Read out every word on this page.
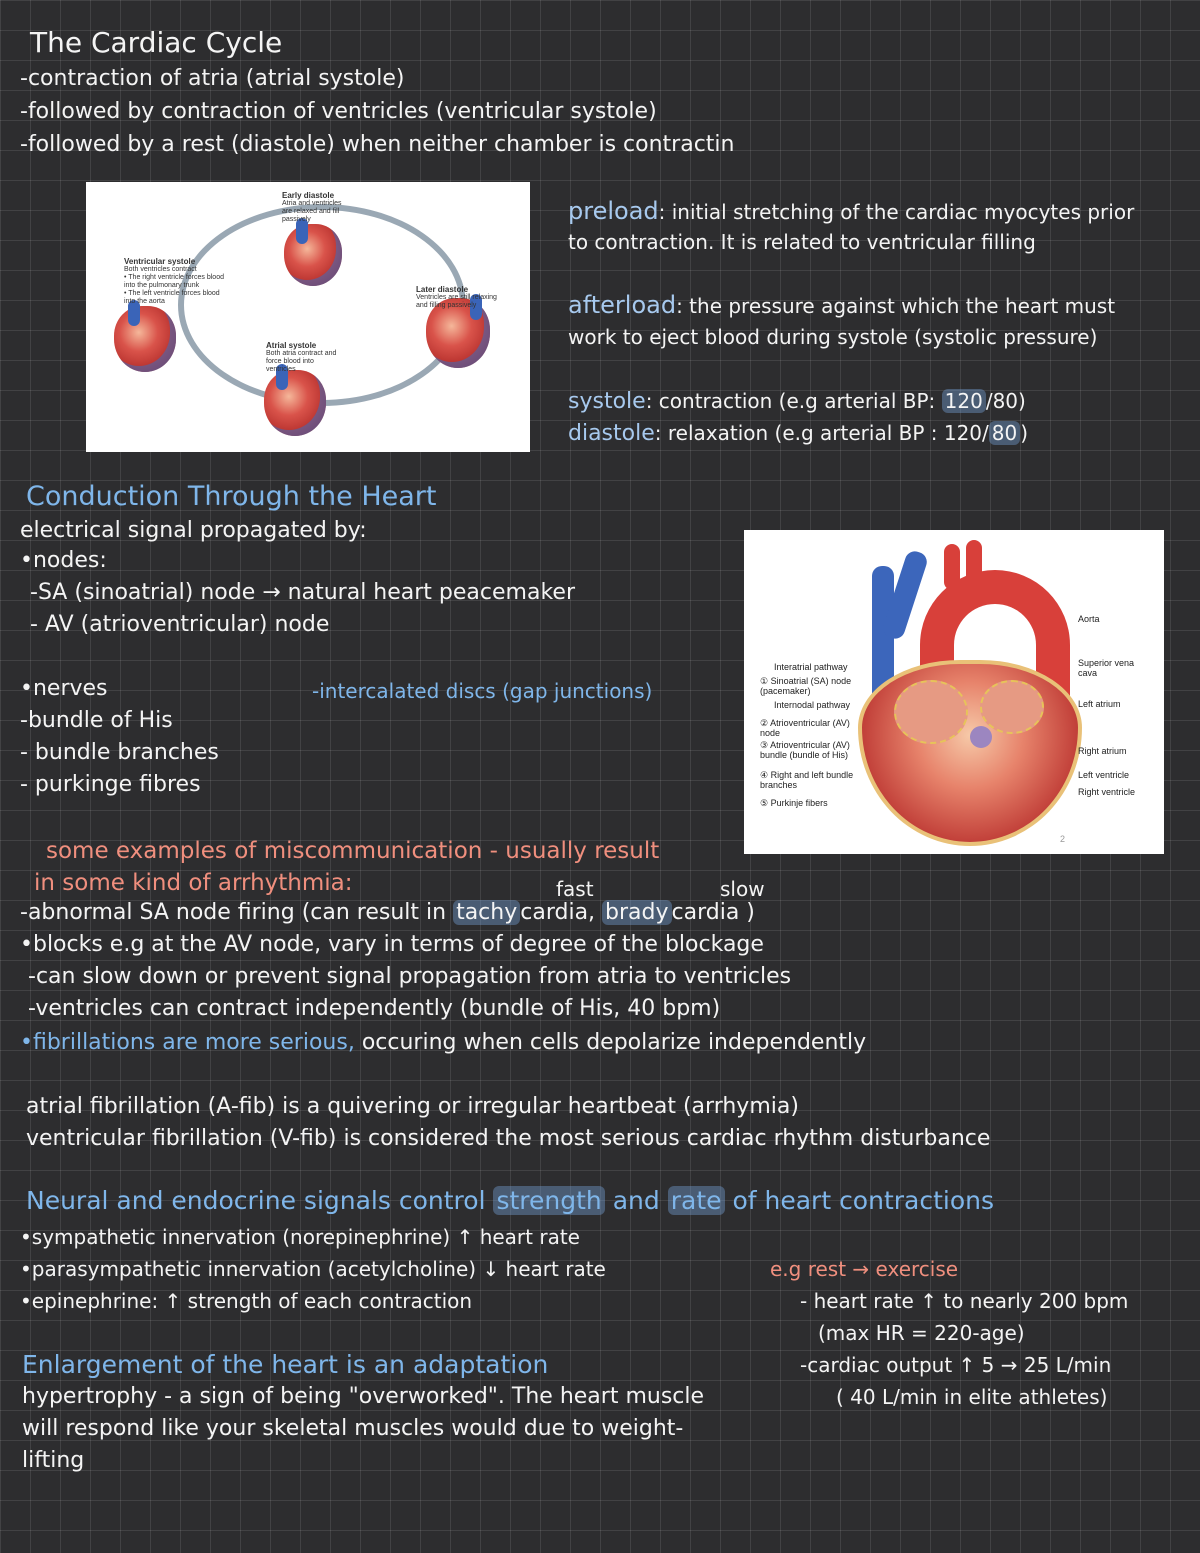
The Cardiac Cycle
-contraction of atria (atrial systole)
-followed by contraction of ventricles (ventricular systole)
-followed by a rest (diastole) when neither chamber is contractin
Early diastole
Atria and ventricles are relaxed and fill passively
Ventricular systole
Both ventricles contract
• The right ventricle forces blood into the pulmonary trunk
• The left ventricle forces blood into the aorta
Later diastole
Ventricles are still relaxing and filling passively
Atrial systole
Both atria contract and force blood into ventricles
preload: initial stretching of the cardiac myocytes prior
to contraction. It is related to ventricular filling
afterload: the pressure against which the heart must
work to eject blood during systole (systolic pressure)
systole: contraction (e.g arterial BP: 120 /80)
diastole: relaxation (e.g arterial BP : 120/ 80 )
Conduction Through the Heart
electrical signal propagated by:
•nodes:
-SA (sinoatrial) node → natural heart peacemaker
- AV (atrioventricular) node
•nerves
-bundle of His
- bundle branches
- purkinge fibres
-intercalated discs (gap junctions)
Interatrial pathway
① Sinoatrial (SA) node (pacemaker)
Internodal pathway
② Atrioventricular (AV) node
③ Atrioventricular (AV) bundle (bundle of His)
④ Right and left bundle branches
⑤ Purkinje fibers
Aorta
Superior vena cava
Left atrium
Right atrium
Left ventricle
Right ventricle
2
some examples of miscommunication - usually result
in some kind of arrhythmia:	fast	slow
-abnormal SA node firing (can result in tachy cardia, brady cardia )
•blocks e.g at the AV node, vary in terms of degree of the blockage
-can slow down or prevent signal propagation from atria to ventricles
-ventricles can contract independently (bundle of His, 40 bpm)
•fibrillations are more serious, occuring when cells depolarize independently
atrial fibrillation (A-fib) is a quivering or irregular heartbeat (arrhymia)
ventricular fibrillation (V-fib) is considered the most serious cardiac rhythm disturbance
Neural and endocrine signals control strength and rate of heart contractions
•sympathetic innervation (norepinephrine) ↑ heart rate
•parasympathetic innervation (acetylcholine) ↓ heart rate
•epinephrine: ↑ strength of each contraction
e.g rest → exercise
- heart rate ↑ to nearly 200 bpm
(max HR = 220-age)
-cardiac output ↑ 5 → 25 L/min
( 40 L/min in elite athletes)
Enlargement of the heart is an adaptation
hypertrophy - a sign of being "overworked". The heart muscle
will respond like your skeletal muscles would due to weight-
lifting
